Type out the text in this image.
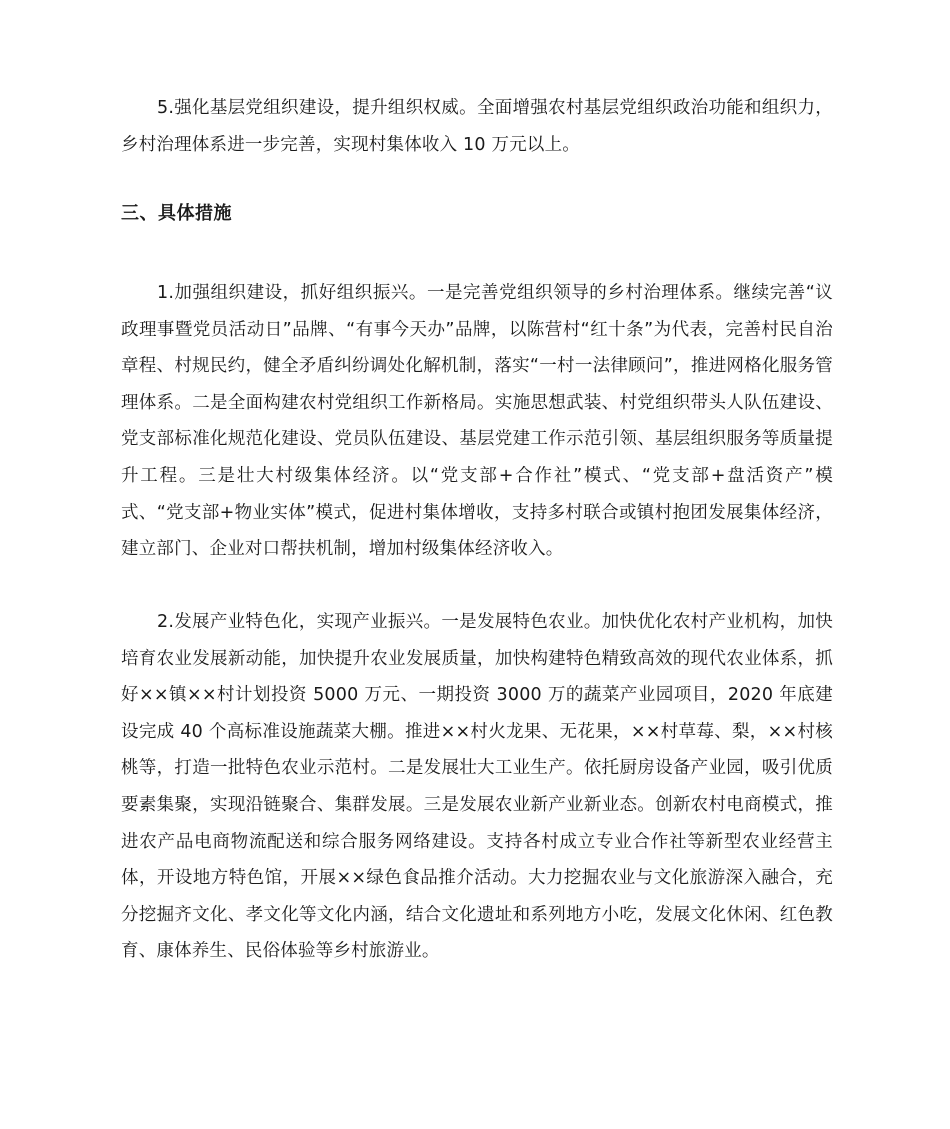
5.强化基层党组织建设，提升组织权威。全面增强农村基层党组织政治功能和组织力，乡村治理体系进一步完善，实现村集体收入 10 万元以上。

三、具体措施

1.加强组织建设，抓好组织振兴。一是完善党组织领导的乡村治理体系。继续完善“议政理事暨党员活动日”品牌、“有事今天办”品牌，以陈营村“红十条”为代表，完善村民自治章程、村规民约，健全矛盾纠纷调处化解机制，落实“一村一法律顾问”，推进网格化服务管理体系。二是全面构建农村党组织工作新格局。实施思想武装、村党组织带头人队伍建设、党支部标准化规范化建设、党员队伍建设、基层党建工作示范引领、基层组织服务等质量提升工程。三是壮大村级集体经济。以“党支部+合作社”模式、“党支部+盘活资产”模式、“党支部+物业实体”模式，促进村集体增收，支持多村联合或镇村抱团发展集体经济，建立部门、企业对口帮扶机制，增加村级集体经济收入。

2.发展产业特色化，实现产业振兴。一是发展特色农业。加快优化农村产业机构，加快培育农业发展新动能，加快提升农业发展质量，加快构建特色精致高效的现代农业体系，抓好××镇××村计划投资 5000 万元、一期投资 3000 万的蔬菜产业园项目，2020 年底建设完成 40 个高标准设施蔬菜大棚。推进××村火龙果、无花果，××村草莓、梨，××村核桃等，打造一批特色农业示范村。二是发展壮大工业生产。依托厨房设备产业园，吸引优质要素集聚，实现沿链聚合、集群发展。三是发展农业新产业新业态。创新农村电商模式，推进农产品电商物流配送和综合服务网络建设。支持各村成立专业合作社等新型农业经营主体，开设地方特色馆，开展××绿色食品推介活动。大力挖掘农业与文化旅游深入融合，充分挖掘齐文化、孝文化等文化内涵，结合文化遗址和系列地方小吃，发展文化休闲、红色教育、康体养生、民俗体验等乡村旅游业。
